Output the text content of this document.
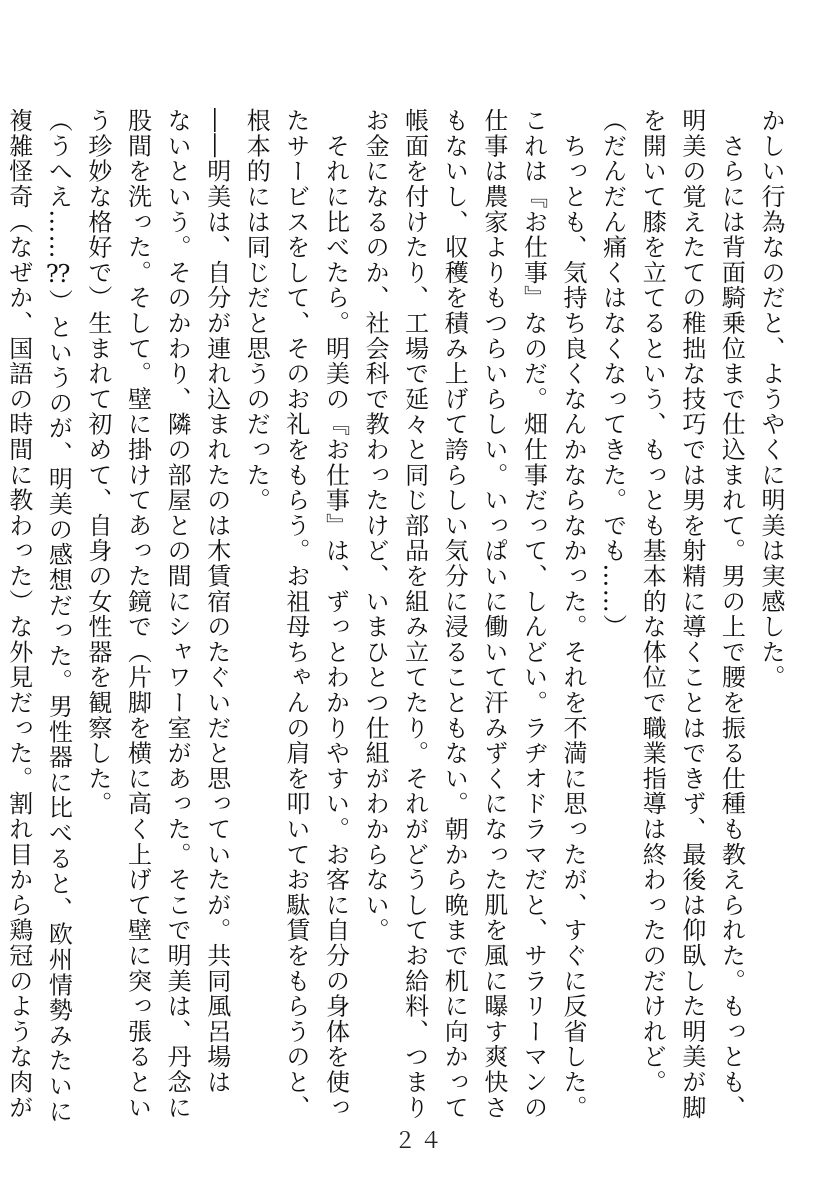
かしい行為なのだと、ようやくに明美は実感した。

　さらには背面騎乗位まで仕込まれて。男の上で腰を振る仕種も教えられた。もっとも、

明美の覚えたての稚拙な技巧では男を射精に導くことはできず、最後は仰臥した明美が脚

を開いて膝を立てるという、もっとも基本的な体位で職業指導は終わったのだけれど。

（だんだん痛くはなくなってきた。でも……）

　ちっとも、気持ち良くなんかならなかった。それを不満に思ったが、すぐに反省した。

これは『お仕事』なのだ。畑仕事だって、しんどい。ラヂオドラマだと、サラリーマンの

仕事は農家よりもつらいらしい。いっぱいに働いて汗みずくになった肌を風に曝す爽快さ

もないし、収穫を積み上げて誇らしい気分に浸ることもない。朝から晩まで机に向かって

帳面を付けたり、工場で延々と同じ部品を組み立てたり。それがどうしてお給料、つまり

お金になるのか、社会科で教わったけど、いまひとつ仕組がわからない。

　それに比べたら。明美の『お仕事』は、ずっとわかりやすい。お客に自分の身体を使っ

たサービスをして、そのお礼をもらう。お祖母ちゃんの肩を叩いてお駄賃をもらうのと、

根本的には同じだと思うのだった。

――明美は、自分が連れ込まれたのは木賃宿のたぐいだと思っていたが。共同風呂場は

ないという。そのかわり、隣の部屋との間にシャワー室があった。そこで明美は、丹念に

股間を洗った。そして。壁に掛けてあった鏡で（片脚を横に高く上げて壁に突っ張るとい

う珍妙な格好で）生まれて初めて、自身の女性器を観察した。

（うへえ……⁇）というのが、明美の感想だった。男性器に比べると、欧州情勢みたいに

複雑怪奇（なぜか、国語の時間に教わった）な外見だった。割れ目から鶏冠のような肉が

２４
